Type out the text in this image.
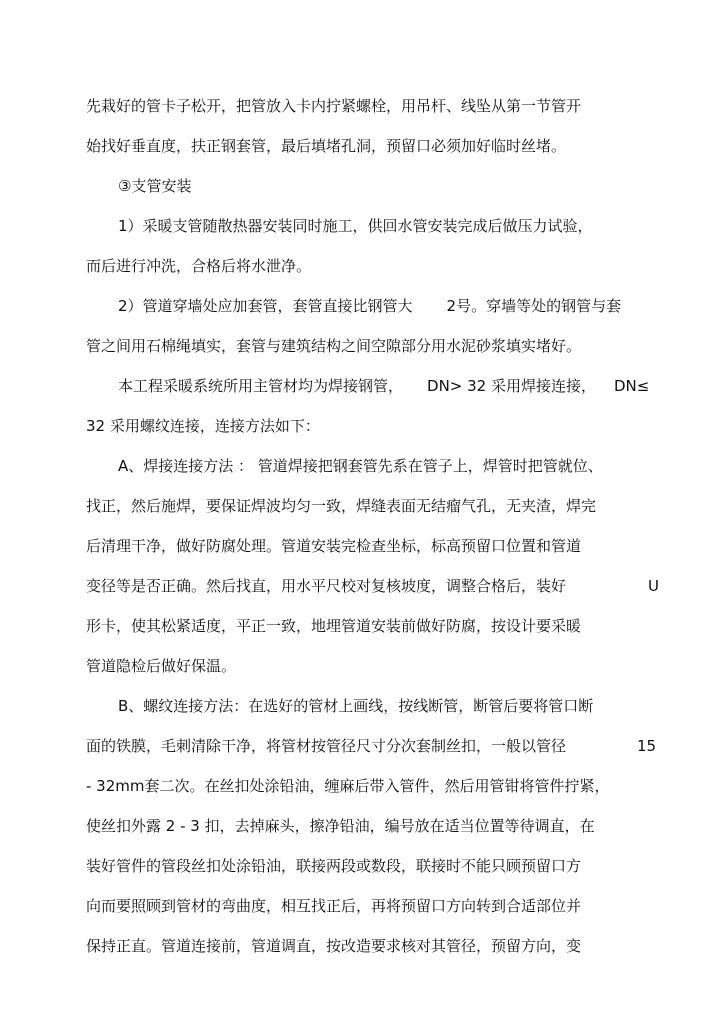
先栽好的管卡子松开，把管放入卡内拧紧螺栓，用吊杆、线坠从第一节管开
始找好垂直度，扶正钢套管，最后填堵孔洞，预留口必须加好临时丝堵。
③支管安装
1）采暖支管随散热器安装同时施工，供回水管安装完成后做压力试验，
而后进行冲洗，合格后将水泄净。
2）管道穿墙处应加套管，套管直接比钢管大 2号。穿墙等处的钢管与套
管之间用石棉绳填实，套管与建筑结构之间空隙部分用水泥砂浆填实堵好。
本工程采暖系统所用主管材均为焊接钢管， DN> 32 采用焊接连接， DN≤
32 采用螺纹连接，连接方法如下：
A、焊接连接方法 ： 管道焊接把钢套管先系在管子上，焊管时把管就位、
找正，然后施焊，要保证焊波均匀一致，焊缝表面无结瘤气孔，无夹渣，焊完
后清理干净，做好防腐处理。管道安装完检查坐标，标高预留口位置和管道
变径等是否正确。然后找直，用水平尺校对复核坡度，调整合格后，装好	U
形卡，使其松紧适度，平正一致，地埋管道安装前做好防腐，按设计要采暖
管道隐检后做好保温。
B、螺纹连接方法：在选好的管材上画线，按线断管，断管后要将管口断
面的铁膜，毛刺清除干净，将管材按管径尺寸分次套制丝扣，一般以管径	15
- 32mm套二次。在丝扣处涂铅油，缠麻后带入管件，然后用管钳将管件拧紧，
使丝扣外露 2 - 3 扣，去掉麻头，擦净铅油，编号放在适当位置等待调直，在
装好管件的管段丝扣处涂铅油，联接两段或数段，联接时不能只顾预留口方
向而要照顾到管材的弯曲度，相互找正后，再将预留口方向转到合适部位并
保持正直。管道连接前，管道调直，按改造要求核对其管径，预留方向，变
